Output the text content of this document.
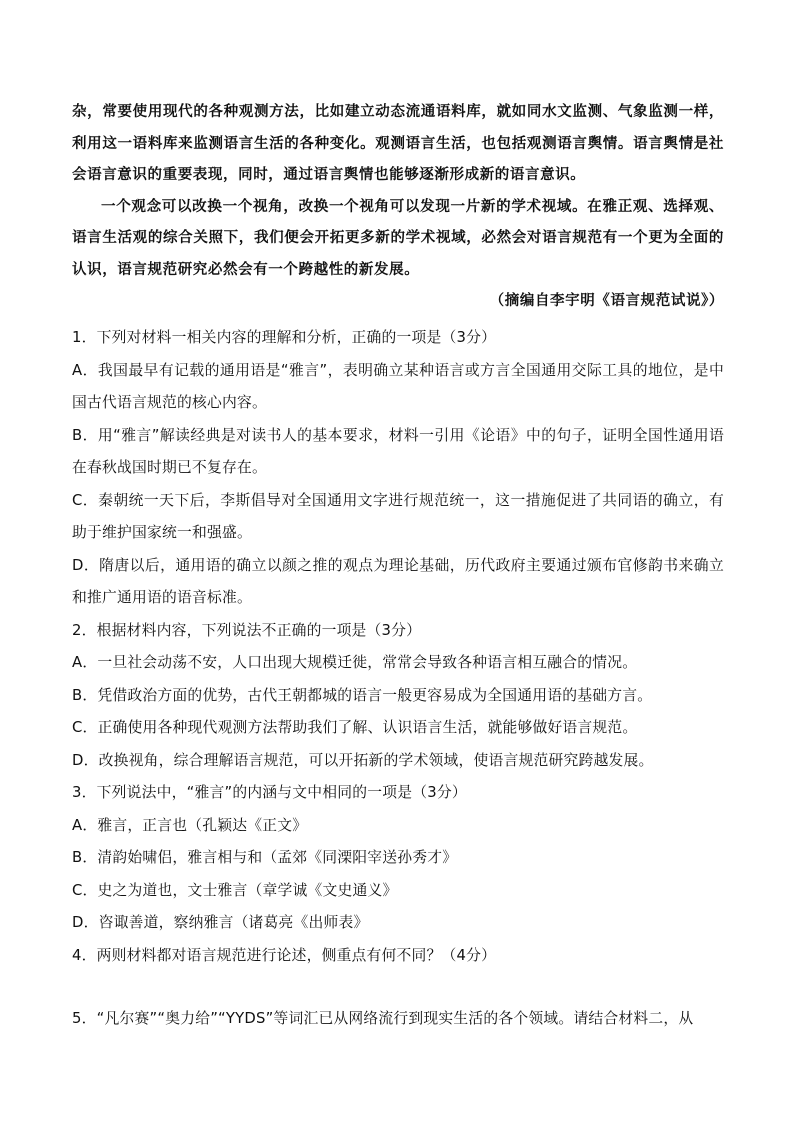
杂，常要使用现代的各种观测方法，比如建立动态流通语料库，就如同水文监测、气象监测一样，利用这一语料库来监测语言生活的各种变化。观测语言生活，也包括观测语言舆情。语言舆情是社会语言意识的重要表现，同时，通过语言舆情也能够逐渐形成新的语言意识。

一个观念可以改换一个视角，改换一个视角可以发现一片新的学术视域。在雅正观、选择观、语言生活观的综合关照下，我们便会开拓更多新的学术视域，必然会对语言规范有一个更为全面的认识，语言规范研究必然会有一个跨越性的新发展。

（摘编自李宇明《语言规范试说》）

1．下列对材料一相关内容的理解和分析，正确的一项是（3分）

A．我国最早有记载的通用语是“雅言”，表明确立某种语言或方言全国通用交际工具的地位，是中国古代语言规范的核心内容。

B．用“雅言”解读经典是对读书人的基本要求，材料一引用《论语》中的句子，证明全国性通用语在春秋战国时期已不复存在。

C．秦朝统一天下后，李斯倡导对全国通用文字进行规范统一，这一措施促进了共同语的确立，有助于维护国家统一和强盛。

D．隋唐以后，通用语的确立以颜之推的观点为理论基础，历代政府主要通过颁布官修韵书来确立和推广通用语的语音标准。

2．根据材料内容，下列说法不正确的一项是（3分）

A．一旦社会动荡不安，人口出现大规模迁徙，常常会导致各种语言相互融合的情况。

B．凭借政治方面的优势，古代王朝都城的语言一般更容易成为全国通用语的基础方言。

C．正确使用各种现代观测方法帮助我们了解、认识语言生活，就能够做好语言规范。

D．改换视角，综合理解语言规范，可以开拓新的学术领域，使语言规范研究跨越发展。

3．下列说法中，“雅言”的内涵与文中相同的一项是（3分）

A．雅言，正言也（孔颖达《正文》

B．清韵始啸侣，雅言相与和（孟郊《同溧阳宰送孙秀才》

C．史之为道也，文士雅言（章学诚《文史通义》

D．咨诹善道，察纳雅言（诸葛亮《出师表》

4．两则材料都对语言规范进行论述，侧重点有何不同？（4分）

5．“凡尔赛”“奥力给”“YYDS”等词汇已从网络流行到现实生活的各个领域。请结合材料二，从
